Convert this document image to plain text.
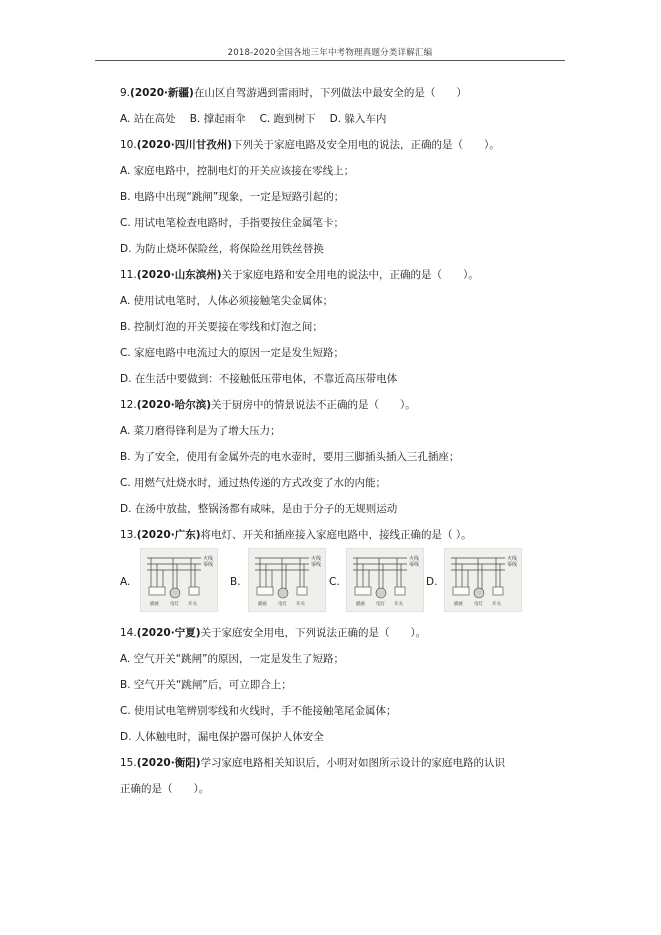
2018-2020全国各地三年中考物理真题分类详解汇编
9.(2020·新疆)在山区自驾游遇到雷雨时，下列做法中最安全的是（　　）
A. 站在高处 B. 撑起雨伞 C. 跑到树下 D. 躲入车内
10.(2020·四川甘孜州)下列关于家庭电路及安全用电的说法，正确的是（　　）。
A. 家庭电路中，控制电灯的开关应该接在零线上；
B. 电路中出现“跳闸”现象，一定是短路引起的；
C. 用试电笔检查电路时，手指要按住金属笔卡；
D. 为防止烧坏保险丝，将保险丝用铁丝替换
11.(2020·山东滨州)关于家庭电路和安全用电的说法中，正确的是（　　）。
A. 使用试电笔时，人体必须接触笔尖金属体；
B. 控制灯泡的开关要接在零线和灯泡之间；
C. 家庭电路中电流过大的原因一定是发生短路；
D. 在生活中要做到：不接触低压带电体，不靠近高压带电体
12.(2020·哈尔滨)关于厨房中的情景说法不正确的是（　　）。
A. 菜刀磨得锋利是为了增大压力；
B. 为了安全，使用有金属外壳的电水壶时，要用三脚插头插入三孔插座；
C. 用燃气灶烧水时，通过热传递的方式改变了水的内能；
D. 在汤中放盐，整锅汤都有咸味，是由于分子的无规则运动
13.(2020·广东)将电灯、开关和插座接入家庭电路中，接线正确的是（ ）。
A.
火线
零线
插座 电灯 开关
B.
火线
零线
插座 电灯 开关
C.
火线
零线
插座 电灯 开关
D.
火线
零线
插座 电灯 开关
14.(2020·宁夏)关于家庭安全用电，下列说法正确的是（　　）。
A. 空气开关“跳闸”的原因，一定是发生了短路；
B. 空气开关“跳闸”后，可立即合上；
C. 使用试电笔辨别零线和火线时，手不能接触笔尾金属体；
D. 人体触电时，漏电保护器可保护人体安全
15.(2020·衡阳)学习家庭电路相关知识后，小明对如图所示设计的家庭电路的认识
正确的是（　　）。
